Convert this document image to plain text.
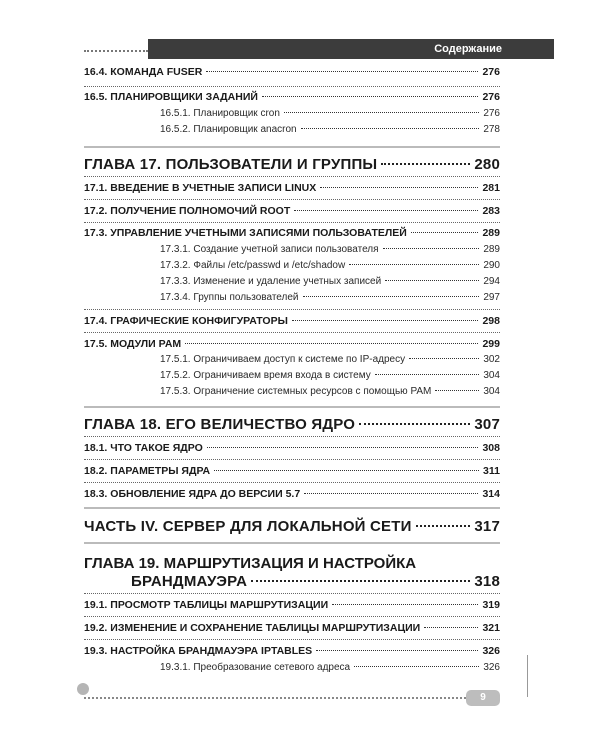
Содержание
16.4. КОМАНДА FUSER	276
16.5. ПЛАНИРОВЩИКИ ЗАДАНИЙ	276
16.5.1. Планировщик cron	276
16.5.2. Планировщик anacron	278
ГЛАВА 17. ПОЛЬЗОВАТЕЛИ И ГРУППЫ	280
17.1. ВВЕДЕНИЕ В УЧЕТНЫЕ ЗАПИСИ LINUX	281
17.2. ПОЛУЧЕНИЕ ПОЛНОМОЧИЙ ROOT	283
17.3. УПРАВЛЕНИЕ УЧЕТНЫМИ ЗАПИСЯМИ ПОЛЬЗОВАТЕЛЕЙ	289
17.3.1. Создание учетной записи пользователя	289
17.3.2. Файлы /etc/passwd и /etc/shadow	290
17.3.3. Изменение и удаление учетных записей	294
17.3.4. Группы пользователей	297
17.4. ГРАФИЧЕСКИЕ КОНФИГУРАТОРЫ	298
17.5. МОДУЛИ PAM	299
17.5.1. Ограничиваем доступ к системе по IP-адресу	302
17.5.2. Ограничиваем время входа в систему	304
17.5.3. Ограничение системных ресурсов с помощью PAM	304
ГЛАВА 18. ЕГО ВЕЛИЧЕСТВО ЯДРО	307
18.1. ЧТО ТАКОЕ ЯДРО	308
18.2. ПАРАМЕТРЫ ЯДРА	311
18.3. ОБНОВЛЕНИЕ ЯДРА ДО ВЕРСИИ 5.7	314
ЧАСТЬ IV. СЕРВЕР ДЛЯ ЛОКАЛЬНОЙ СЕТИ	317
ГЛАВА 19. МАРШРУТИЗАЦИЯ И НАСТРОЙКА
БРАНДМАУЭРА	318
19.1. ПРОСМОТР ТАБЛИЦЫ МАРШРУТИЗАЦИИ	319
19.2. ИЗМЕНЕНИЕ И СОХРАНЕНИЕ ТАБЛИЦЫ МАРШРУТИЗАЦИИ	321
19.3. НАСТРОЙКА БРАНДМАУЭРА IPTABLES	326
19.3.1. Преобразование сетевого адреса	326
9
